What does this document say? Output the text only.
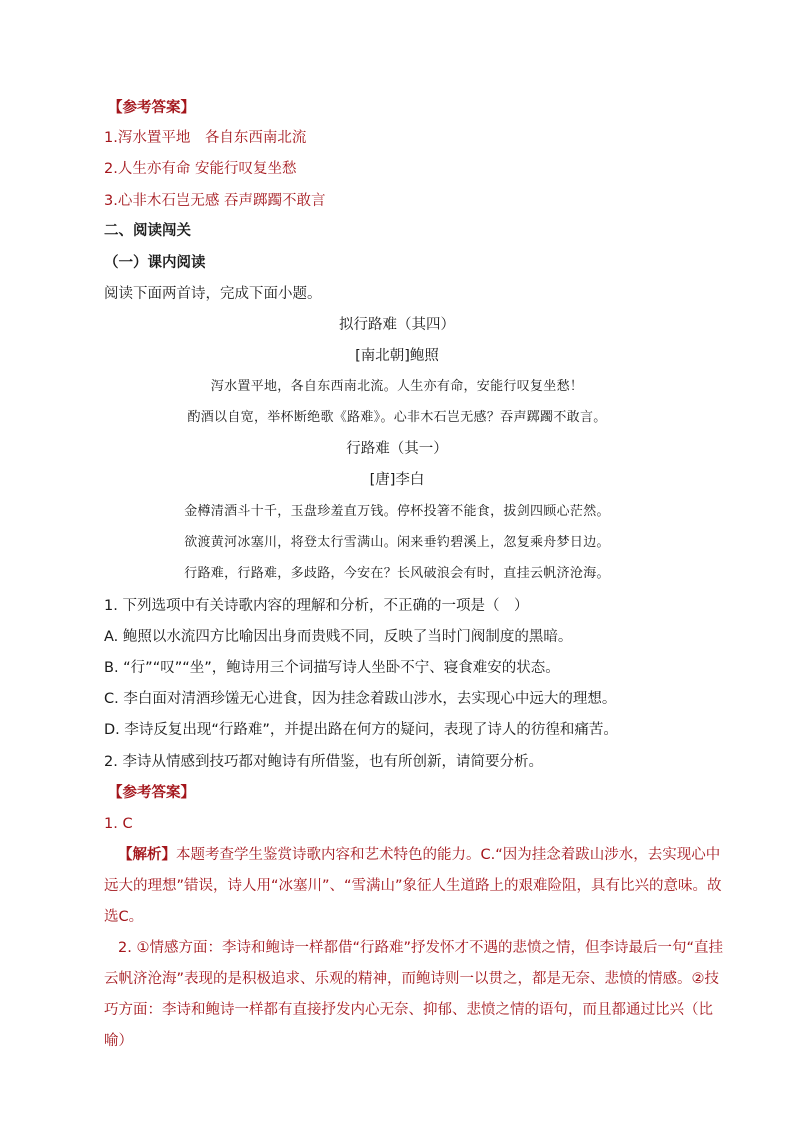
【参考答案】
1.泻水置平地　各自东西南北流
2.人生亦有命 安能行叹复坐愁
3.心非木石岂无感 吞声踯躅不敢言
二、阅读闯关
（一）课内阅读
阅读下面两首诗，完成下面小题。
拟行路难（其四）
[南北朝]鲍照
泻水置平地，各自东西南北流。人生亦有命，安能行叹复坐愁！
酌酒以自宽，举杯断绝歌《路难》。心非木石岂无感？吞声踯躅不敢言。
行路难（其一）
[唐]李白
金樽清酒斗十千，玉盘珍羞直万钱。停杯投箸不能食，拔剑四顾心茫然。
欲渡黄河冰塞川，将登太行雪满山。闲来垂钓碧溪上，忽复乘舟梦日边。
行路难，行路难，多歧路，今安在？长风破浪会有时，直挂云帆济沧海。
1. 下列选项中有关诗歌内容的理解和分析，不正确的一项是（　）
A. 鲍照以水流四方比喻因出身而贵贱不同，反映了当时门阀制度的黑暗。
B. “行”“叹”“坐”，鲍诗用三个词描写诗人坐卧不宁、寝食难安的状态。
C. 李白面对清酒珍馐无心进食，因为挂念着跋山涉水，去实现心中远大的理想。
D. 李诗反复出现“行路难”，并提出路在何方的疑问，表现了诗人的彷徨和痛苦。
2. 李诗从情感到技巧都对鲍诗有所借鉴，也有所创新，请简要分析。
【参考答案】
1. C
【解析】本题考查学生鉴赏诗歌内容和艺术特色的能力。C.“因为挂念着跋山涉水，去实现心中远大的理想”错误，诗人用“冰塞川”、“雪满山”象征人生道路上的艰难险阻，具有比兴的意味。故选C。
2. ①情感方面：李诗和鲍诗一样都借“行路难”抒发怀才不遇的悲愤之情，但李诗最后一句“直挂云帆济沧海”表现的是积极追求、乐观的精神，而鲍诗则一以贯之，都是无奈、悲愤的情感。②技巧方面：李诗和鲍诗一样都有直接抒发内心无奈、抑郁、悲愤之情的语句，而且都通过比兴（比喻）
